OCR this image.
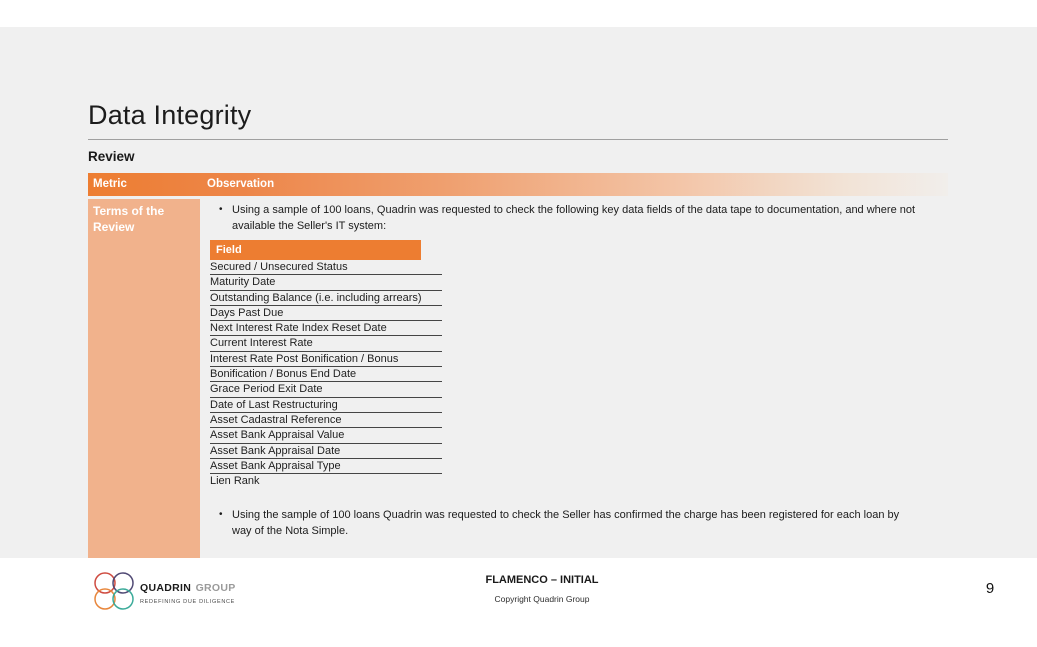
Data Integrity
Review
Metric	Observation
Terms of the Review
• Using a sample of 100 loans, Quadrin was requested to check the following key data fields of the data tape to documentation, and where not available the Seller's IT system:
Field
Secured / Unsecured Status
Maturity Date
Outstanding Balance (i.e. including arrears)
Days Past Due
Next Interest Rate Index Reset Date
Current Interest Rate
Interest Rate Post Bonification / Bonus
Bonification / Bonus End Date
Grace Period Exit Date
Date of Last Restructuring
Asset Cadastral Reference
Asset Bank Appraisal Value
Asset Bank Appraisal Date
Asset Bank Appraisal Type
Lien Rank
• Using the sample of 100 loans Quadrin was requested to check the Seller has confirmed the charge has been registered for each loan by way of the Nota Simple.
QUADRIN GROUP
REDEFINING DUE DILIGENCE
FLAMENCO – INITIAL
Copyright Quadrin Group
9
